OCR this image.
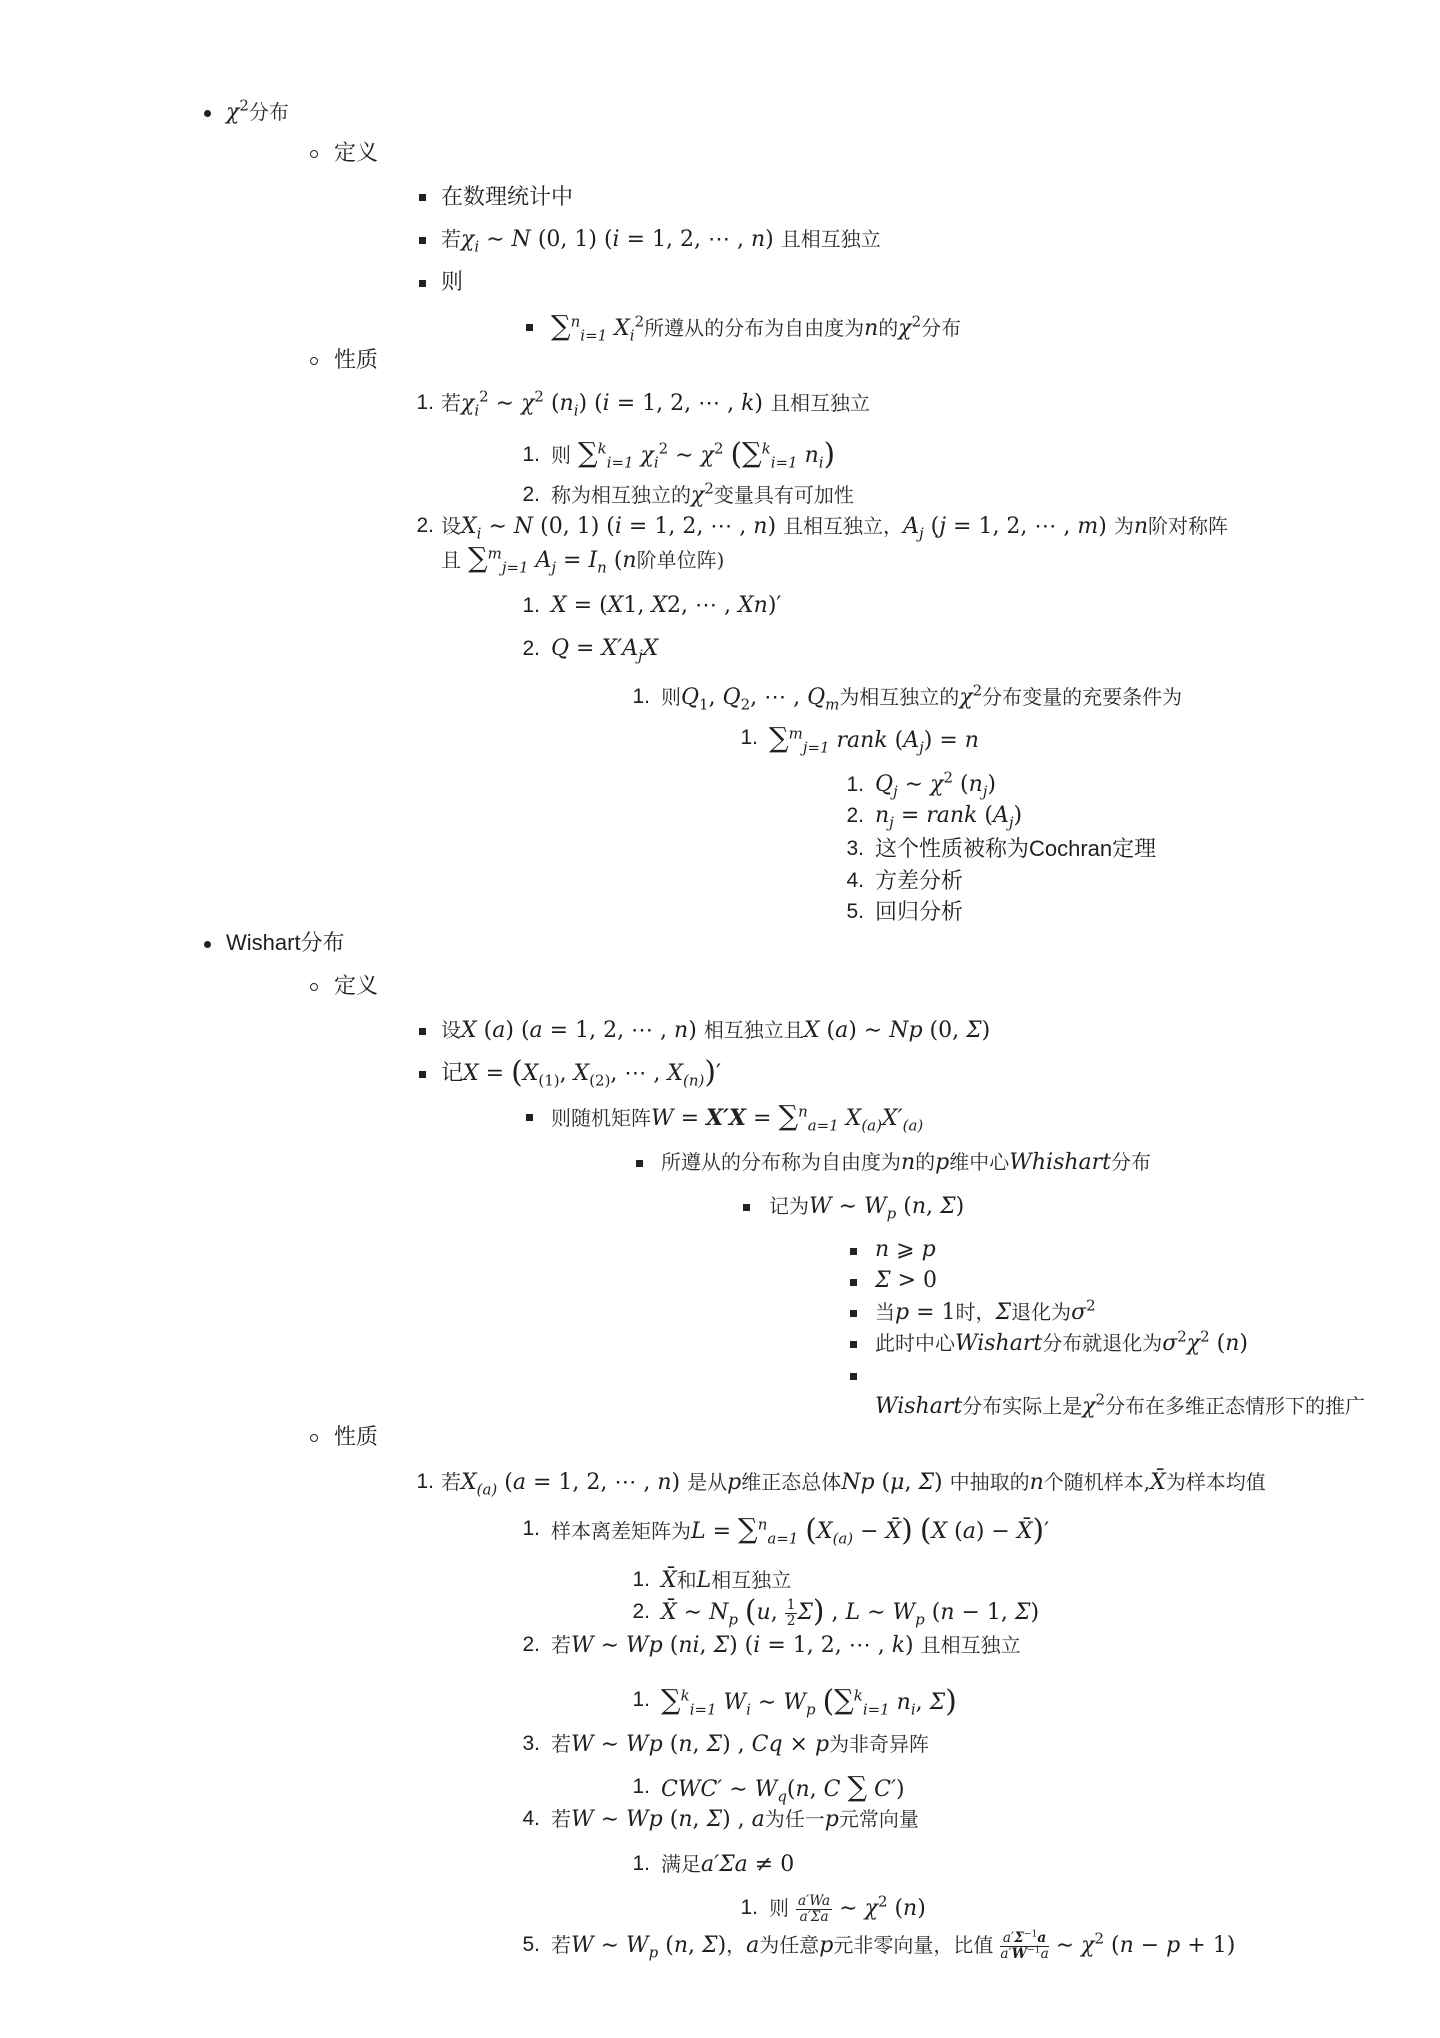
$\chi^2$分布
定义
在数理统计中
若$\chi_i$ ∼ N (0, 1) (i = 1, 2, ⋯ , n) 且相互独立
则
∑$^n_{i=1}$ $X_i^2$所遵从的分布为自由度为n的$\chi^2$分布
性质
1. 若$\chi_i^2$ ∼ $\chi^2$ $(n_i) (i = 1$, 2, ⋯ , k) 且相互独立
1. 则 ∑$^k_{i=1}$ $\chi_i^2$ ∼ $\chi^2$ (∑$^k_{i=1}$ $n_i$)
2. 称为相互独立的$\chi^2$变量具有可加性
2. 设$X_i$ ∼ N (0, 1) (i = 1, 2, ⋯ , n) 且相互独立，$A_j$ (j = 1, 2, ⋯ , m) 为n阶对称阵
且 ∑$^m_{j=1}$ $A_j = I_n$ (n阶单位阵)
1. X = (X1, X2, ⋯ , Xn)′
2. $Q = X'A_jX$
1. 则$Q_1$, $Q_2$, ⋯ , $Q_m$为相互独立的$\chi^2$分布变量的充要条件为
1. ∑$^m_{j=1}$ rank $(A_j) = n$
1. $Q_j$ ∼ $\chi^2$ $(n_j)$
2. $n_j$ = rank $(A_j)$
3. 这个性质被称为Cochran定理
4. 方差分析
5. 回归分析
Wishart分布
定义
设X (a) (a = 1, 2, ⋯ , n) 相互独立且X (a) ∼ Np (0, Σ)
记$X = (X_{(1)}$, $X_{(2)}$, ⋯ , $X_{(n)})'$
则随机矩阵W = X′X = ∑$^n_{a=1}$ $X_{(a)}X'_{(a)}$
所遵从的分布称为自由度为n的p维中心Whishart分布
记为W ∼ $W_p$ (n, Σ)
n ⩾ p
Σ > 0
当p = 1时，Σ退化为$\sigma^2$
此时中心Wishart分布就退化为$\sigma^2\chi^2$ (n)
Wishart分布实际上是$\chi^2$分布在多维正态情形下的推广
性质
1. 若$X_{(a)}$ (a = 1, 2, ⋯ , n) 是从p维正态总体Np (μ, Σ) 中抽取的n个随机样本,X̄为样本均值
1. 样本离差矩阵为L = ∑$^n_{a=1}$ ($X_{(a)}$ − X̄) (X (a) − X̄)′
1. X̄和L相互独立
2. X̄ ∼ $N_p$ (u, $\frac{1}{2} \Sigma$) , L ∼ $W_p$ (n − 1, Σ)
2. 若W ∼ Wp (ni, Σ) (i = 1, 2, ⋯ , k) 且相互独立
1. ∑$^k_{i=1}$ $W_i$ ∼ $W_p$ (∑$^k_{i=1}$ $n_i$, Σ)
3. 若W ∼ Wp (n, Σ) , Cq × p为非奇异阵
1. CWC′ ∼ $W_q(n$, C ∑ C′)
4. 若W ∼ Wp (n, Σ) , a为任一p元常向量
1. 满足a′Σa ≠ 0
1. 则 $\frac{a'Wa}{a'\Sigma a}$ ∼ $\chi^2$ (n)
5. 若W ∼ $W_p$ (n, Σ)，a为任意p元非零向量，比值 $\frac{a'\Sigma^{-1}a}{a'W^{-1}a}$ ∼ $\chi^2$ (n − p + 1)
